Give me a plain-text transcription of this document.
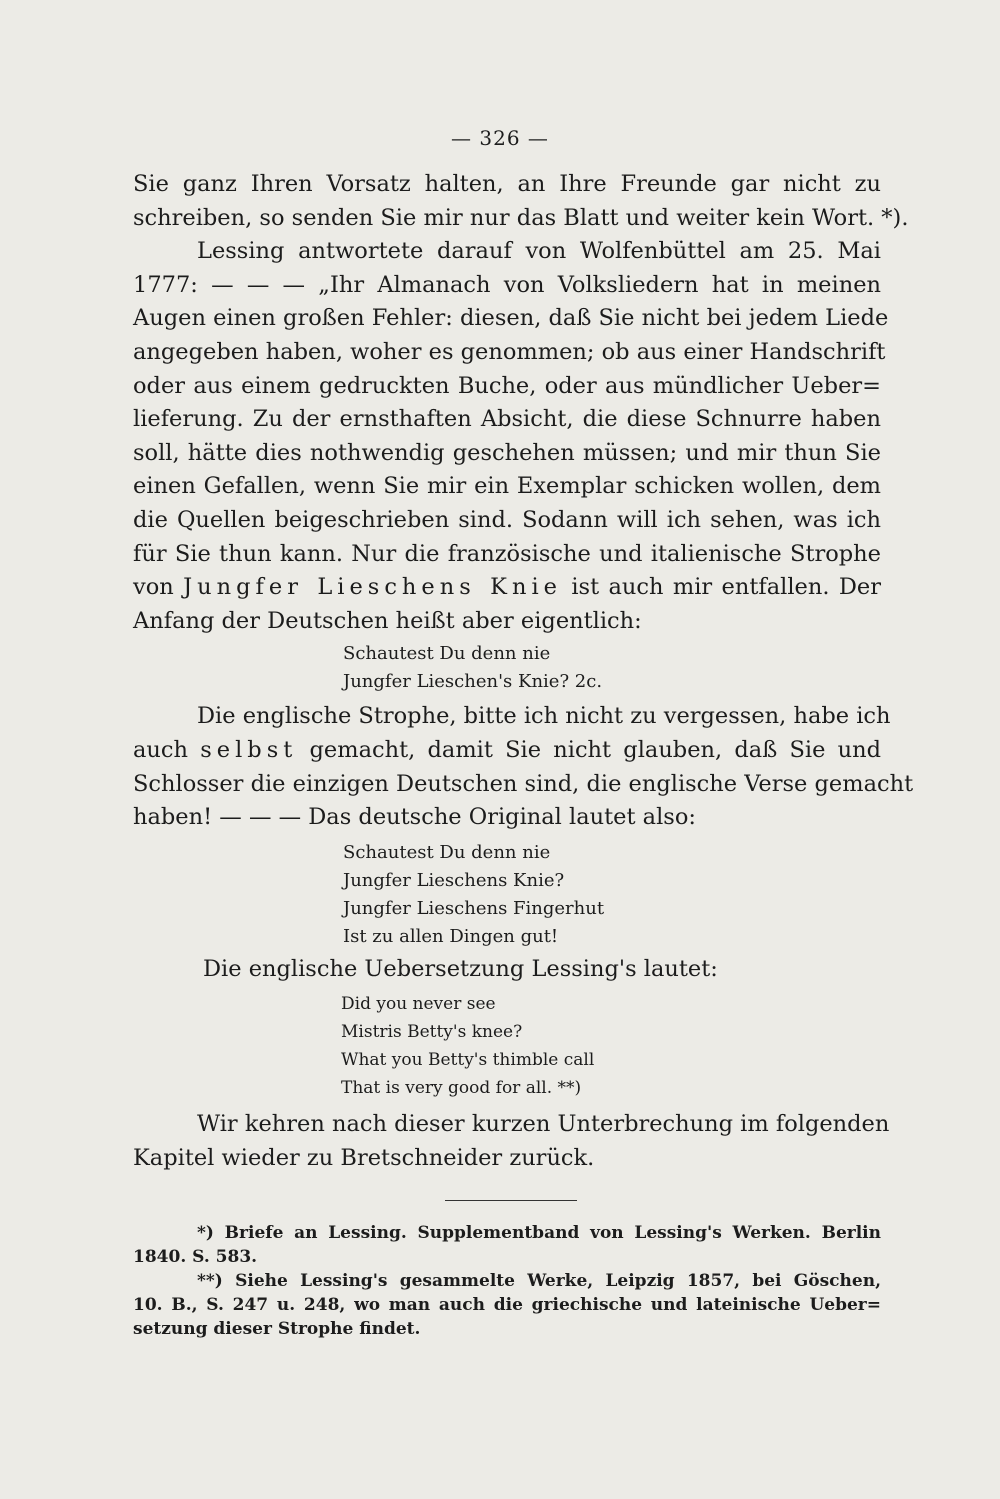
— 326 —
Sie ganz Ihren Vorsatz halten, an Ihre Freunde gar nicht zu
schreiben, so senden Sie mir nur das Blatt und weiter kein Wort. *).
Lessing antwortete darauf von Wolfenbüttel am 25. Mai
1777: — — — „Ihr Almanach von Volksliedern hat in meinen
Augen einen großen Fehler: diesen, daß Sie nicht bei jedem Liede
angegeben haben, woher es genommen; ob aus einer Handschrift
oder aus einem gedruckten Buche, oder aus mündlicher Ueber=
lieferung. Zu der ernsthaften Absicht, die diese Schnurre haben
soll, hätte dies nothwendig geschehen müssen; und mir thun Sie
einen Gefallen, wenn Sie mir ein Exemplar schicken wollen, dem
die Quellen beigeschrieben sind. Sodann will ich sehen, was ich
für Sie thun kann. Nur die französische und italienische Strophe
von Jungfer Lieschens Knie ist auch mir entfallen. Der
Anfang der Deutschen heißt aber eigentlich:
Schautest Du denn nie
Jungfer Lieschen's Knie? 2c.
Die englische Strophe, bitte ich nicht zu vergessen, habe ich
auch selbst gemacht, damit Sie nicht glauben, daß Sie und
Schlosser die einzigen Deutschen sind, die englische Verse gemacht
haben! — — — Das deutsche Original lautet also:
Schautest Du denn nie
Jungfer Lieschens Knie?
Jungfer Lieschens Fingerhut
Ist zu allen Dingen gut!
Die englische Uebersetzung Lessing's lautet:
Did you never see
Mistris Betty's knee?
What you Betty's thimble call
That is very good for all. **)
Wir kehren nach dieser kurzen Unterbrechung im folgenden
Kapitel wieder zu Bretschneider zurück.
*) Briefe an Lessing. Supplementband von Lessing's Werken. Berlin
1840. S. 583.
**) Siehe Lessing's gesammelte Werke, Leipzig 1857, bei Göschen,
10. B., S. 247 u. 248, wo man auch die griechische und lateinische Ueber=
setzung dieser Strophe findet.
